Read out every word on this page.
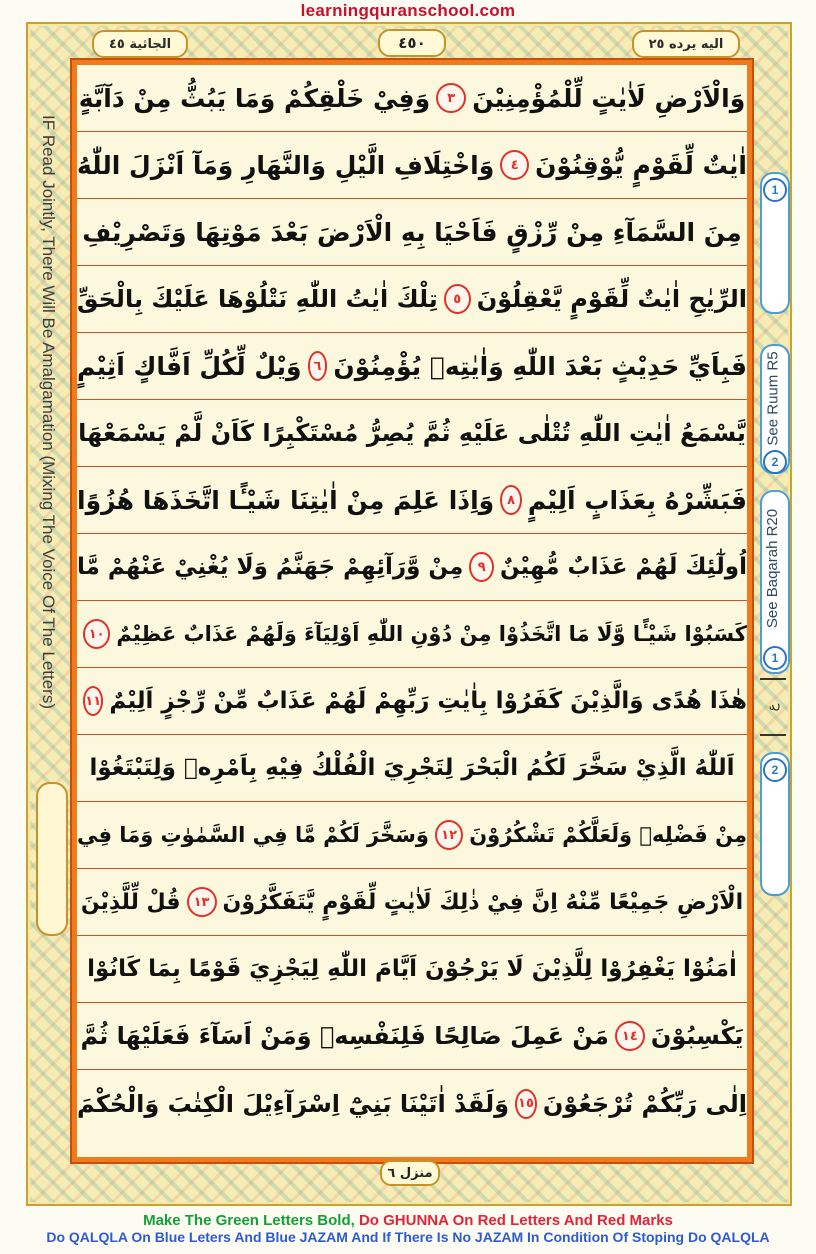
learningquranschool.com
الجاثية ٤٥	٤٥٠	اليه يرده ٢٥
IF Read Jointly, There Will Be Amalgamation (Mixing The Voice Of The Letters)	1
See Ruum R5
2
See Baqarah R20
1
ع
2
وَالْاَرْضِ لَاٰيٰتٍ لِّلْمُؤْمِنِيْنَ
٣
وَفِيْ خَلْقِكُمْ وَمَا يَبُثُّ مِنْ دَآبَّةٍ
اٰيٰتٌ لِّقَوْمٍ يُّوْقِنُوْنَ
٤
وَاخْتِلَافِ الَّيْلِ وَالنَّهَارِ وَمَآ اَنْزَلَ اللّٰهُ
مِنَ السَّمَآءِ مِنْ رِّزْقٍ فَاَحْيَا بِهِ الْاَرْضَ بَعْدَ مَوْتِهَا وَتَصْرِيْفِ
الرِّيٰحِ اٰيٰتٌ لِّقَوْمٍ يَّعْقِلُوْنَ
٥
تِلْكَ اٰيٰتُ اللّٰهِ نَتْلُوْهَا عَلَيْكَ بِالْحَقِّ
فَبِاَيِّ حَدِيْثٍ بَعْدَ اللّٰهِ وَاٰيٰتِهٖ يُؤْمِنُوْنَ
٦
وَيْلٌ لِّكُلِّ اَفَّاكٍ اَثِيْمٍ
يَّسْمَعُ اٰيٰتِ اللّٰهِ تُتْلٰى عَلَيْهِ ثُمَّ يُصِرُّ مُسْتَكْبِرًا كَاَنْ لَّمْ يَسْمَعْهَا
فَبَشِّرْهُ بِعَذَابٍ اَلِيْمٍ
٨
وَاِذَا عَلِمَ مِنْ اٰيٰتِنَا شَيْـًٔا اتَّخَذَهَا هُزُوًا
اُولٰٓئِكَ لَهُمْ عَذَابٌ مُّهِيْنٌ
٩
مِنْ وَّرَآئِهِمْ جَهَنَّمُ وَلَا يُغْنِيْ عَنْهُمْ مَّا
كَسَبُوْا شَيْـًٔا وَّلَا مَا اتَّخَذُوْا مِنْ دُوْنِ اللّٰهِ اَوْلِيَآءَ وَلَهُمْ عَذَابٌ عَظِيْمٌ
١٠
هٰذَا هُدًى وَالَّذِيْنَ كَفَرُوْا بِاٰيٰتِ رَبِّهِمْ لَهُمْ عَذَابٌ مِّنْ رِّجْزٍ اَلِيْمٌ
١١
اَللّٰهُ الَّذِيْ سَخَّرَ لَكُمُ الْبَحْرَ لِتَجْرِيَ الْفُلْكُ فِيْهِ بِاَمْرِهٖ وَلِتَبْتَغُوْا
مِنْ فَضْلِهٖ وَلَعَلَّكُمْ تَشْكُرُوْنَ
١٢
وَسَخَّرَ لَكُمْ مَّا فِي السَّمٰوٰتِ وَمَا فِي
الْاَرْضِ جَمِيْعًا مِّنْهُ اِنَّ فِيْ ذٰلِكَ لَاٰيٰتٍ لِّقَوْمٍ يَّتَفَكَّرُوْنَ
١٣
قُلْ لِّلَّذِيْنَ
اٰمَنُوْا يَغْفِرُوْا لِلَّذِيْنَ لَا يَرْجُوْنَ اَيَّامَ اللّٰهِ لِيَجْزِيَ قَوْمًا بِمَا كَانُوْا
يَكْسِبُوْنَ
١٤
مَنْ عَمِلَ صَالِحًا فَلِنَفْسِهٖ وَمَنْ اَسَآءَ فَعَلَيْهَا ثُمَّ
اِلٰى رَبِّكُمْ تُرْجَعُوْنَ
١٥
وَلَقَدْ اٰتَيْنَا بَنِيْٓ اِسْرَآءِيْلَ الْكِتٰبَ وَالْحُكْمَ
منزل ٦
Make The Green Letters Bold, Do GHUNNA On Red Letters And Red Marks
Do QALQLA On Blue Leters And Blue JAZAM And If There Is No JAZAM In Condition Of Stoping Do QALQLA
